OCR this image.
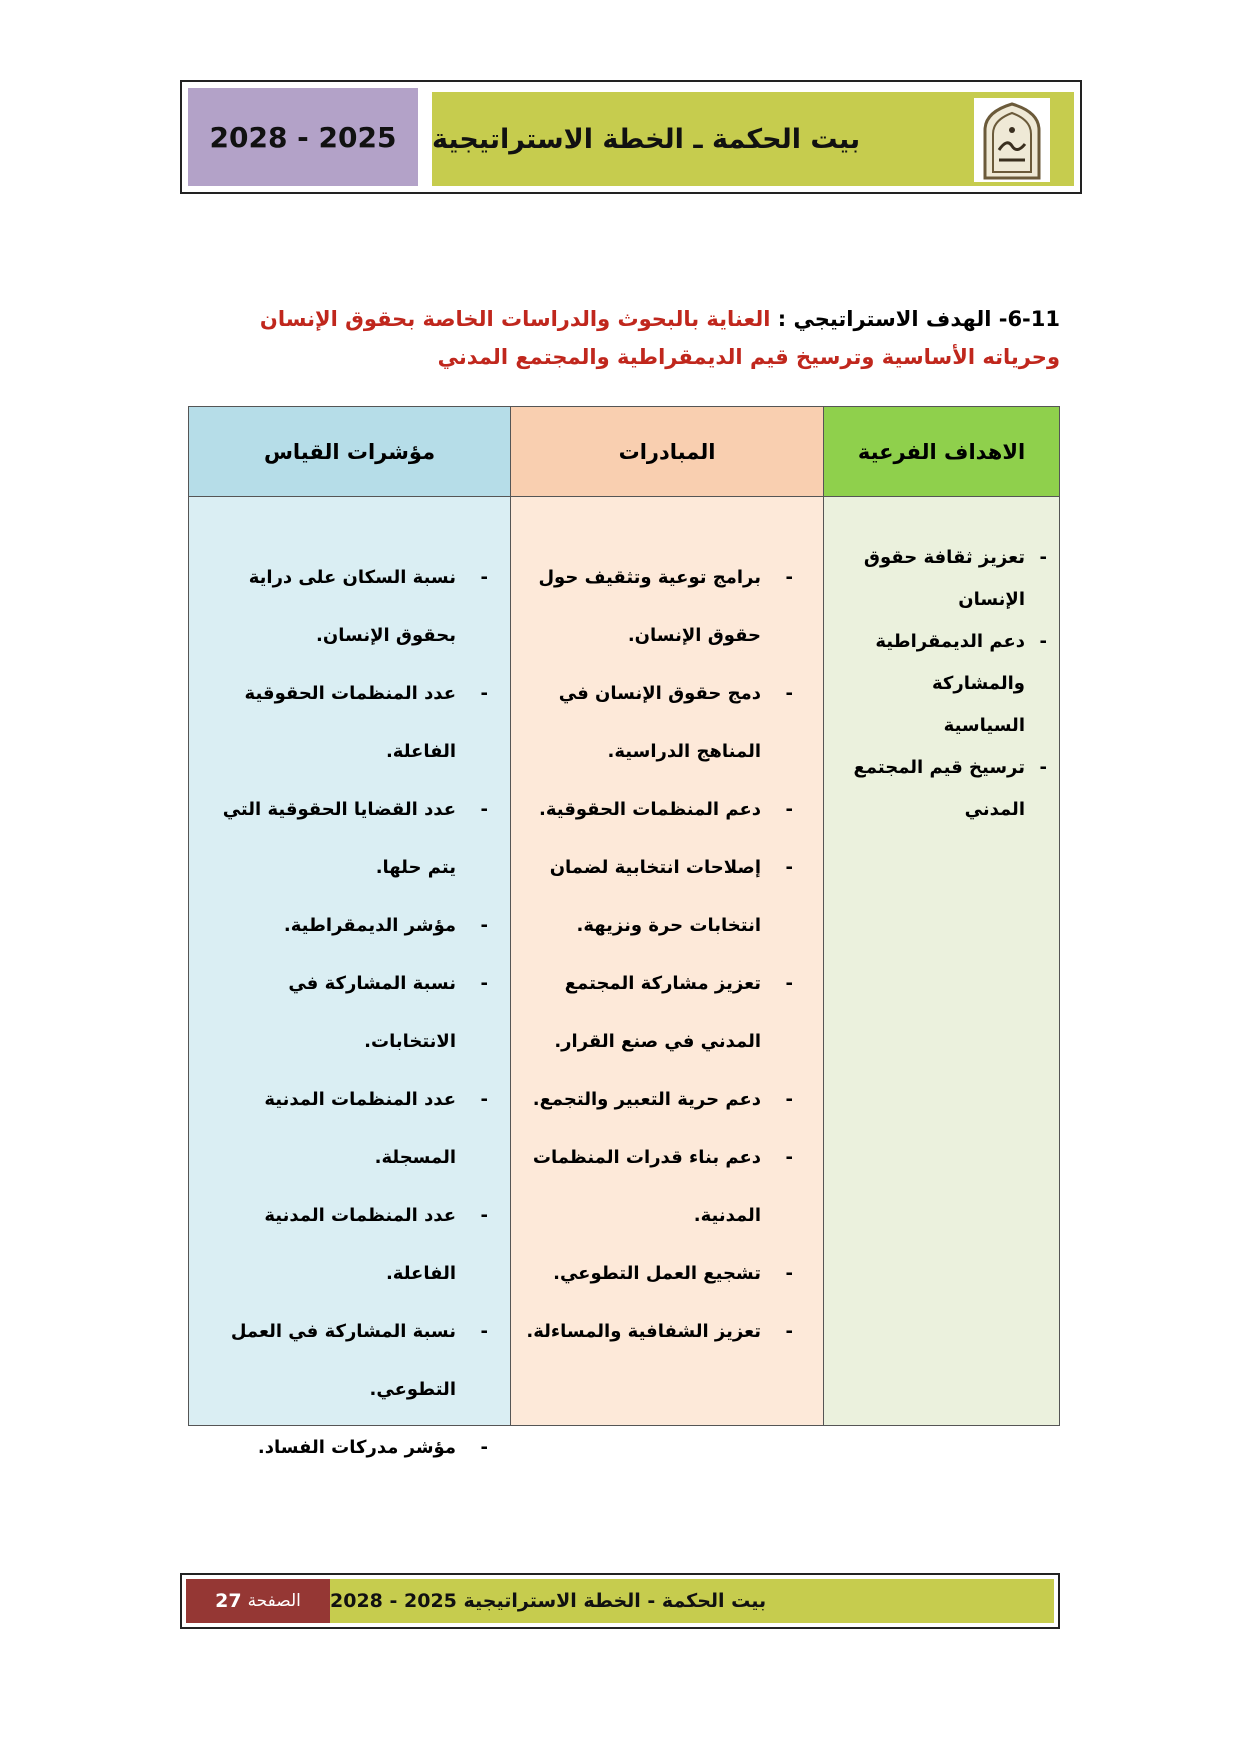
2028 - 2025	بيت الحكمة ـ الخطة الاستراتيجية
6-11- الهدف الاستراتيجي : العناية بالبحوث والدراسات الخاصة بحقوق الإنسان وحرياته الأساسية وترسيخ قيم الديمقراطية والمجتمع المدني
الاهداف الفرعية
- تعزيز ثقافة حقوق الإنسان
- دعم الديمقراطية والمشاركة السياسية
- ترسيخ قيم المجتمع المدني
المبادرات
- برامج توعية وتثقيف حول حقوق الإنسان.
- دمج حقوق الإنسان في المناهج الدراسية.
- دعم المنظمات الحقوقية.
- إصلاحات انتخابية لضمان انتخابات حرة ونزيهة.
- تعزيز مشاركة المجتمع المدني في صنع القرار.
- دعم حرية التعبير والتجمع.
- دعم بناء قدرات المنظمات المدنية.
- تشجيع العمل التطوعي.
- تعزيز الشفافية والمساءلة.
مؤشرات القياس
- نسبة السكان على دراية بحقوق الإنسان.
- عدد المنظمات الحقوقية الفاعلة.
- عدد القضايا الحقوقية التي يتم حلها.
- مؤشر الديمقراطية.
- نسبة المشاركة في الانتخابات.
- عدد المنظمات المدنية المسجلة.
- عدد المنظمات المدنية الفاعلة.
- نسبة المشاركة في العمل التطوعي.
- مؤشر مدركات الفساد.
الصفحة
27	بيت الحكمة - الخطة الاستراتيجية 2025 - 2028
